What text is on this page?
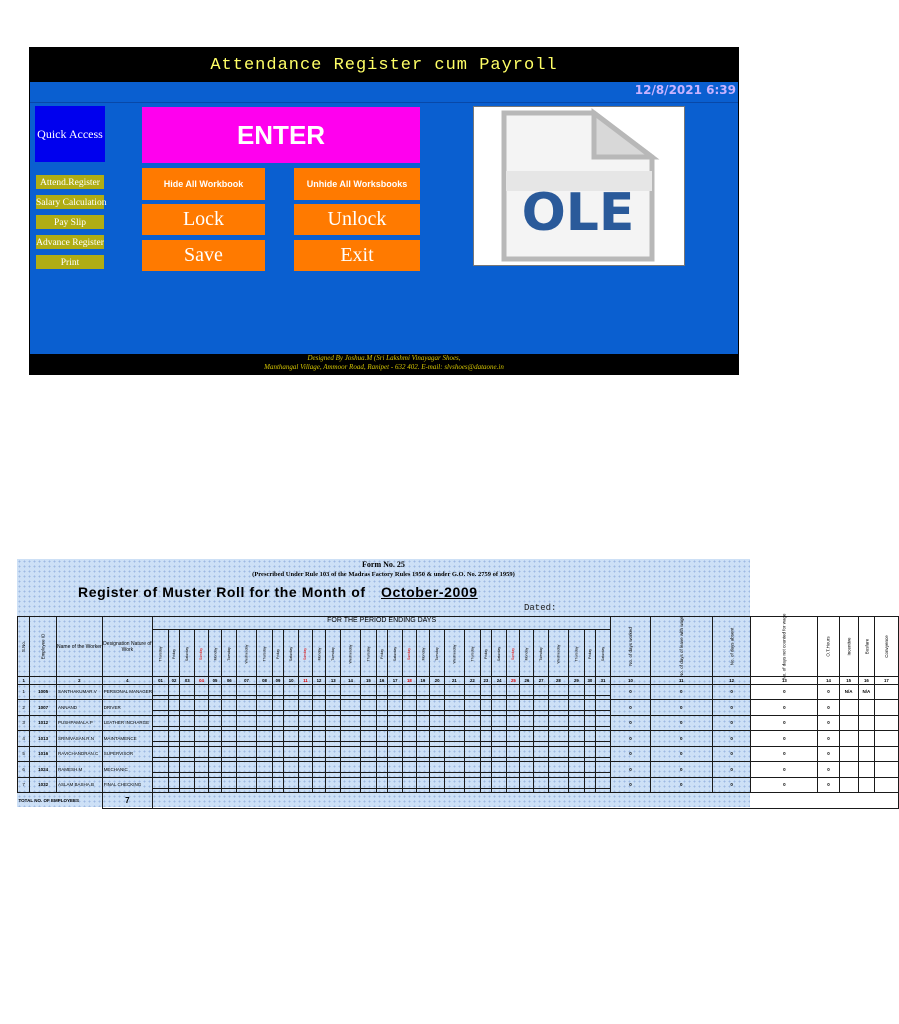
Attendance Register cum Payroll
12/8/2021 6:39
Quick Access
Attend.Register
Salary Calculation
Pay Slip
Advance Register
Print
ENTER
Hide All Workbook	Unhide All Worksbooks
Lock	Unlock
Save	Exit
OLE
Designed By Joshua.M (Sri Lakshmi Vinayagar Shoes,
Manthangal Village, Ammoor Road, Ranipet - 632 402. E-mail: slvshoes@dataone.in
Form No. 25
(Prescribed Under Rule 103 of the Madras Factory Rules 1950 & under G.O. No. 2759 of 1959)
Register of Muster Roll for the Month of October-2009
Dated:
S.No.	Employee ID	Name of the Worker	Designation Nature of Work	FOR THE PERIOD ENDING DAYS																															No. of days worked	No. of days of leave with wage	No. of days absent	No. of days not counted for wage	O.T.Hours	Incentive	Busfare	Convyence
				Thursday	Friday	Saturday	Sunday	Monday	Tuesday	Wednesday	Thursday	Friday	Saturday	Sunday	Monday	Tuesday	Wednesday	Thursday	Friday	Saturday	Sunday	Monday	Tuesday	Wednesday	Thursday	Friday	Saturday	Sunday	Monday	Tuesday	Wednesday	Thursday	Friday	Saturday								
1		2	4	01	02	03	04	05	06	07	08	09	10	11	12	13	14	15	16	17	18	19	20	21	22	23	24	25	26	27	28	29	30	31	10	11	12	13	14	15	16	17
1	1005	SANTHAKUMAR.V	PERSONAL MANAGER																																0	0	0	0	0	N/A	N/A	
2	1007	ANNAND	DRIVER																																0	0	0	0	0			
3	1012	PUSHPAMALA.P	LEATHER INCHARGE																																0	0	0	0	0			
4	1013	SRINIVASAN.R.N	MAINTAMENCE																																0	0	0	0	0			
5	1016	RAVICHANDRAN.C	SUPERVISOR																																0	0	0	0	0			
6	1024	RAMESH.M	MECHANIC																																0	0	0	0	0			
7	1032	ASLAM BASHA.B	FINAL CHECKING																																0	0	0	0	0			
TOTAL NO. OF EMPLOYEES			7																																							
